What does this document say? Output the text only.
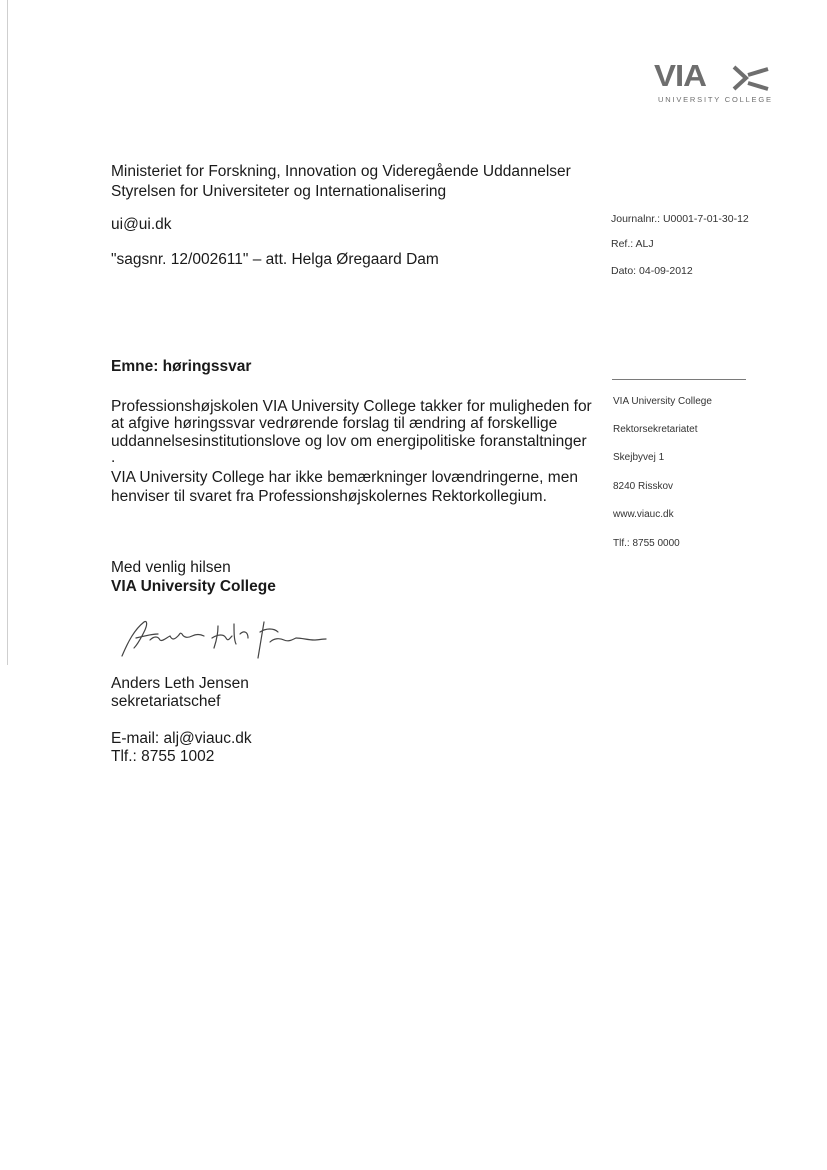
VIA
UNIVERSITY COLLEGE
Ministeriet for Forskning, Innovation og Videregående Uddannelser
Styrelsen for Universiteter og Internationalisering
ui@ui.dk
"sagsnr. 12/002611" – att. Helga Øregaard Dam
Journalnr.: U0001-7-01-30-12
Ref.: ALJ
Dato: 04-09-2012
Emne: høringssvar
VIA University College
Rektorsekretariatet
Skejbyvej 1
8240 Risskov
www.viauc.dk
Tlf.: 8755 0000
Professionshøjskolen VIA University College takker for muligheden for
at afgive høringssvar vedrørende forslag til ændring af forskellige
uddannelsesinstitutionslove og lov om energipolitiske foranstaltninger
.
VIA University College har ikke bemærkninger lovændringerne, men
henviser til svaret fra Professionshøjskolernes Rektorkollegium.
Med venlig hilsen
VIA University College
Anders Leth Jensen
sekretariatschef
E-mail: alj@viauc.dk
Tlf.: 8755 1002
